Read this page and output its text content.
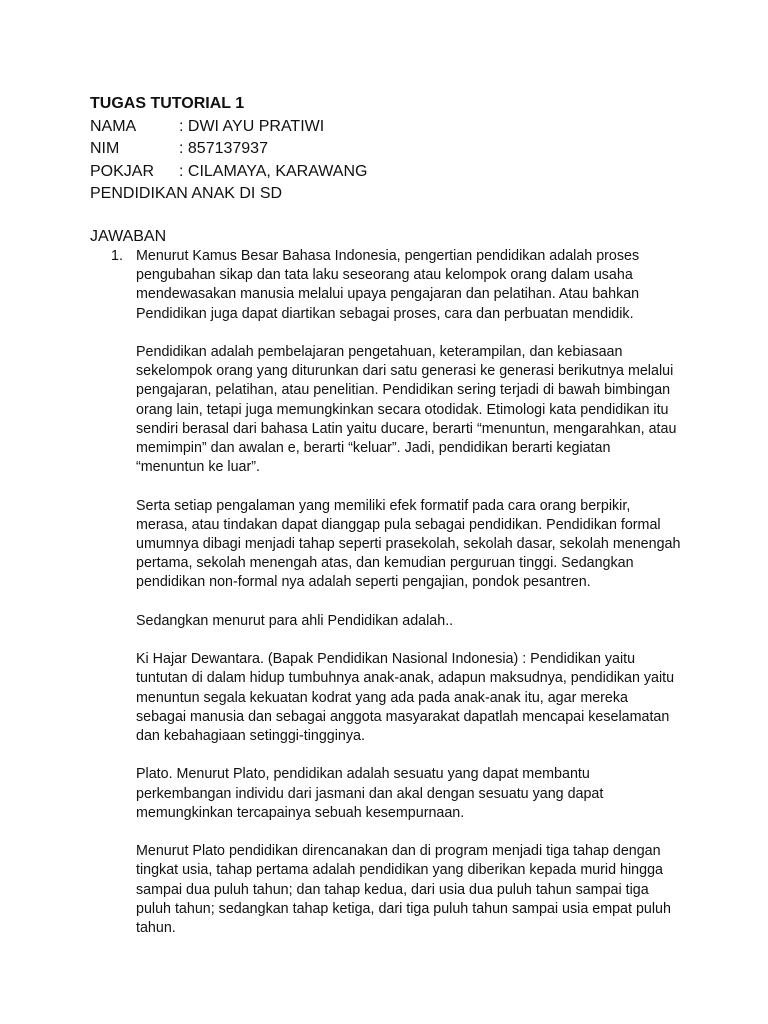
TUGAS TUTORIAL 1
NAMA	: DWI AYU PRATIWI
NIM	: 857137937
POKJAR	: CILAMAYA, KARAWANG
PENDIDIKAN ANAK DI SD
JAWABAN
1. Menurut Kamus Besar Bahasa Indonesia, pengertian pendidikan adalah proses pengubahan sikap dan tata laku seseorang atau kelompok orang dalam usaha mendewasakan manusia melalui upaya pengajaran dan pelatihan. Atau bahkan Pendidikan juga dapat diartikan sebagai proses, cara dan perbuatan mendidik.

Pendidikan adalah pembelajaran pengetahuan, keterampilan, dan kebiasaan sekelompok orang yang diturunkan dari satu generasi ke generasi berikutnya melalui pengajaran, pelatihan, atau penelitian. Pendidikan sering terjadi di bawah bimbingan orang lain, tetapi juga memungkinkan secara otodidak. Etimologi kata pendidikan itu sendiri berasal dari bahasa Latin yaitu ducare, berarti “menuntun, mengarahkan, atau memimpin” dan awalan e, berarti “keluar”. Jadi, pendidikan berarti kegiatan “menuntun ke luar”.

Serta setiap pengalaman yang memiliki efek formatif pada cara orang berpikir, merasa, atau tindakan dapat dianggap pula sebagai pendidikan. Pendidikan formal umumnya dibagi menjadi tahap seperti prasekolah, sekolah dasar, sekolah menengah pertama, sekolah menengah atas, dan kemudian perguruan tinggi. Sedangkan pendidikan non-formal nya adalah seperti pengajian, pondok pesantren.

Sedangkan menurut para ahli Pendidikan adalah..

Ki Hajar Dewantara. (Bapak Pendidikan Nasional Indonesia) : Pendidikan yaitu tuntutan di dalam hidup tumbuhnya anak-anak, adapun maksudnya, pendidikan yaitu menuntun segala kekuatan kodrat yang ada pada anak-anak itu, agar mereka sebagai manusia dan sebagai anggota masyarakat dapatlah mencapai keselamatan dan kebahagiaan setinggi-tingginya.

Plato. Menurut Plato, pendidikan adalah sesuatu yang dapat membantu perkembangan individu dari jasmani dan akal dengan sesuatu yang dapat memungkinkan tercapainya sebuah kesempurnaan.

Menurut Plato pendidikan direncanakan dan di program menjadi tiga tahap dengan tingkat usia, tahap pertama adalah pendidikan yang diberikan kepada murid hingga sampai dua puluh tahun; dan tahap kedua, dari usia dua puluh tahun sampai tiga puluh tahun; sedangkan tahap ketiga, dari tiga puluh tahun sampai usia empat puluh tahun.
